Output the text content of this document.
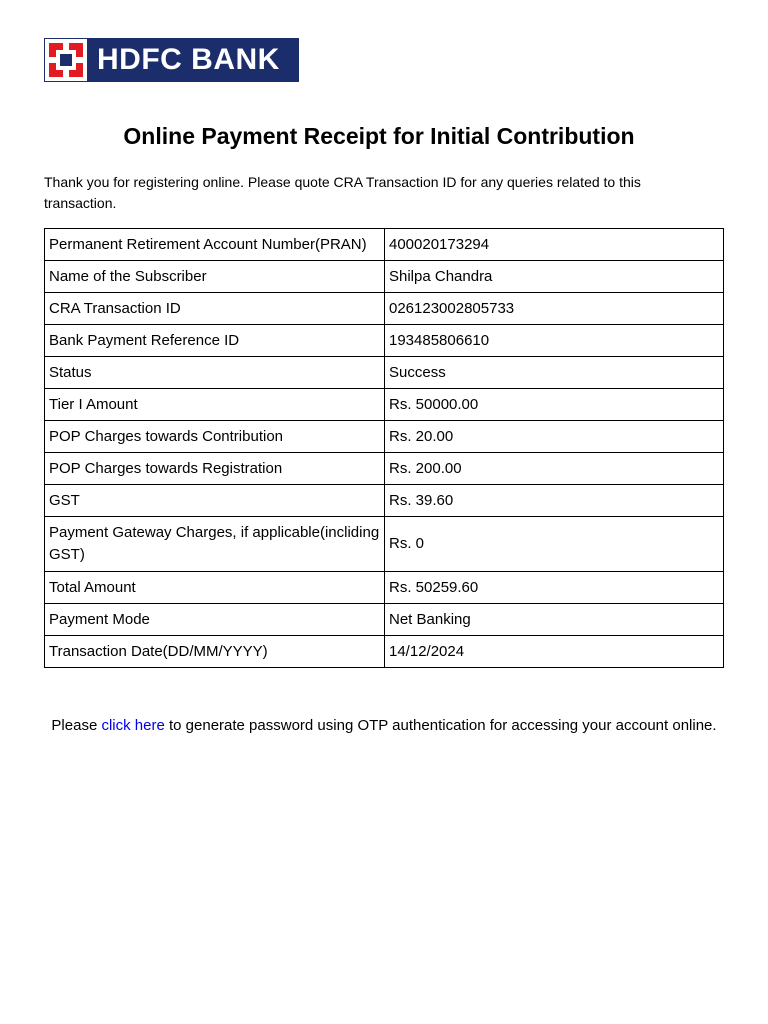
HDFC BANK
Online Payment Receipt for Initial Contribution
Thank you for registering online. Please quote CRA Transaction ID for any queries related to this transaction.
Permanent Retirement Account Number(PRAN)	400020173294
Name of the Subscriber	Shilpa Chandra
CRA Transaction ID	026123002805733
Bank Payment Reference ID	193485806610
Status	Success
Tier I Amount	Rs. 50000.00
POP Charges towards Contribution	Rs. 20.00
POP Charges towards Registration	Rs. 200.00
GST	Rs. 39.60
Payment Gateway Charges, if applicable(incliding GST)	Rs. 0
Total Amount	Rs. 50259.60
Payment Mode	Net Banking
Transaction Date(DD/MM/YYYY)	14/12/2024
Please click here to generate password using OTP authentication for accessing your account online.
